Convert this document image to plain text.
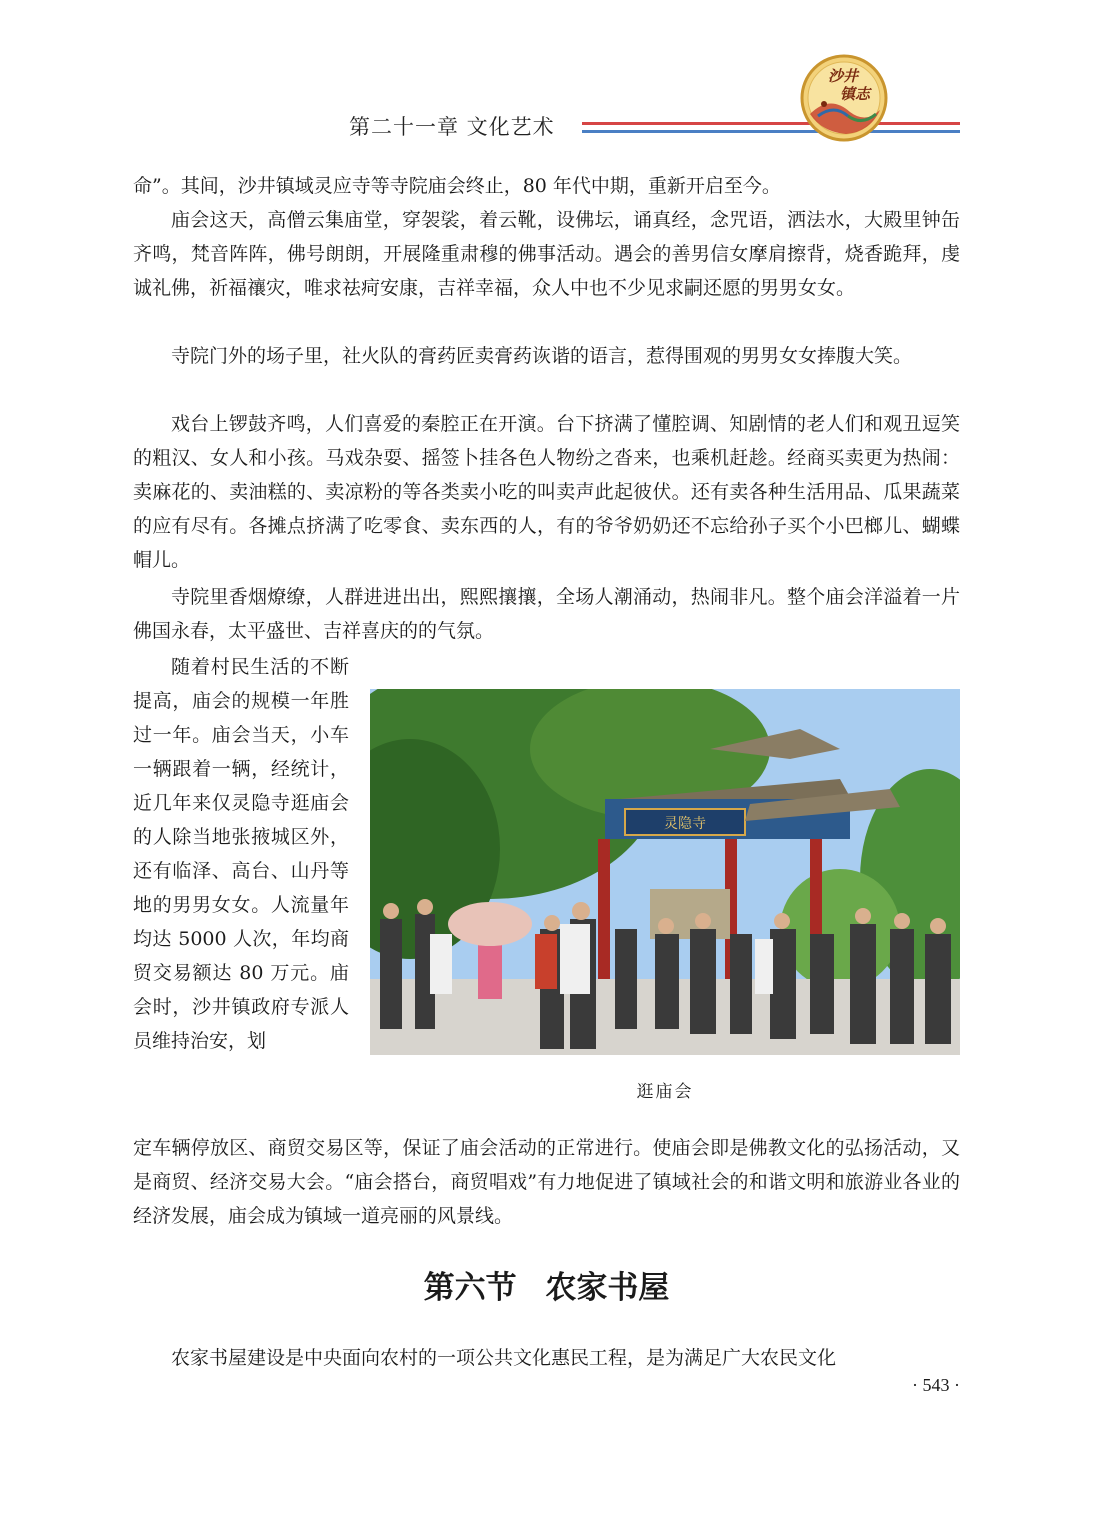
第二十一章 文化艺术
沙井
镇志

命”。其间，沙井镇域灵应寺等寺院庙会终止，80 年代中期，重新开启至今。

庙会这天，高僧云集庙堂，穿袈裟，着云靴，设佛坛，诵真经，念咒语，洒法水，大殿里钟缶齐鸣，梵音阵阵，佛号朗朗，开展隆重肃穆的佛事活动。遇会的善男信女摩肩擦背，烧香跪拜，虔诚礼佛，祈福禳灾，唯求祛疴安康，吉祥幸福，众人中也不少见求嗣还愿的男男女女。

寺院门外的场子里，社火队的膏药匠卖膏药诙谐的语言，惹得围观的男男女女捧腹大笑。

戏台上锣鼓齐鸣，人们喜爱的秦腔正在开演。台下挤满了懂腔调、知剧情的老人们和观丑逗笑的粗汉、女人和小孩。马戏杂耍、摇签卜挂各色人物纷之沓来，也乘机赶趁。经商买卖更为热闹：卖麻花的、卖油糕的、卖凉粉的等各类卖小吃的叫卖声此起彼伏。还有卖各种生活用品、瓜果蔬菜的应有尽有。各摊点挤满了吃零食、卖东西的人，有的爷爷奶奶还不忘给孙子买个小巴榔儿、蝴蝶帽儿。

寺院里香烟燎缭，人群进进出出，熙熙攘攘，全场人潮涌动，热闹非凡。整个庙会洋溢着一片佛国永春，太平盛世、吉祥喜庆的的气氛。

随着村民生活的不断提高，庙会的规模一年胜过一年。庙会当天，小车一辆跟着一辆，经统计，近几年来仅灵隐寺逛庙会的人除当地张掖城区外，还有临泽、高台、山丹等地的男男女女。人流量年均达 5000 人次，年均商贸交易额达 80 万元。庙会时，沙井镇政府专派人员维持治安，划

灵隐寺
逛庙会

定车辆停放区、商贸交易区等，保证了庙会活动的正常进行。使庙会即是佛教文化的弘扬活动，又是商贸、经济交易大会。“庙会搭台，商贸唱戏”有力地促进了镇域社会的和谐文明和旅游业各业的经济发展，庙会成为镇域一道亮丽的风景线。

第六节 农家书屋

农家书屋建设是中央面向农村的一项公共文化惠民工程，是为满足广大农民文化

· 543 ·
